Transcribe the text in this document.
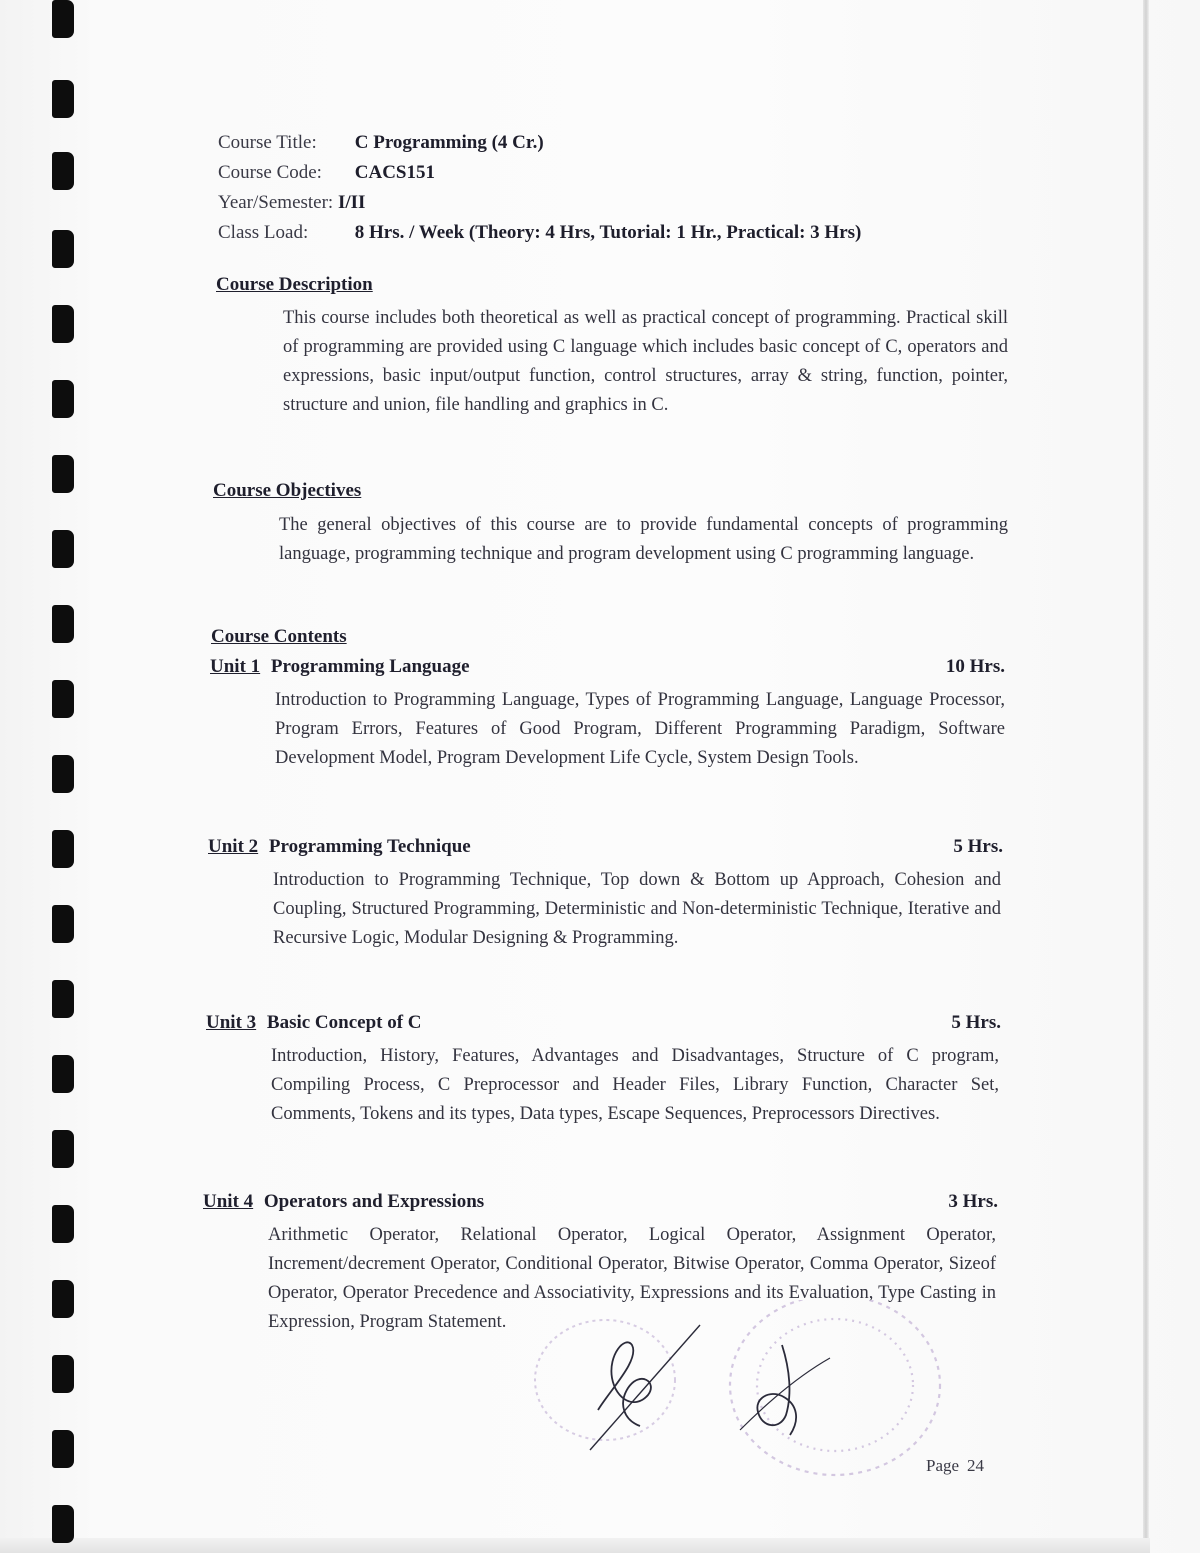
Course Title: C Programming (4 Cr.)
Course Code: CACS151
Year/Semester: I/II
Class Load: 8 Hrs. / Week (Theory: 4 Hrs, Tutorial: 1 Hr., Practical: 3 Hrs)
Course Description
This course includes both theoretical as well as practical concept of programming. Practical skill of programming are provided using C language which includes basic concept of C, operators and expressions, basic input/output function, control structures, array & string, function, pointer, structure and union, file handling and graphics in C.
Course Objectives
The general objectives of this course are to provide fundamental concepts of programming language, programming technique and program development using C programming language.
Course Contents
Unit 1 Programming Language	10 Hrs.
Introduction to Programming Language, Types of Programming Language, Language Processor, Program Errors, Features of Good Program, Different Programming Paradigm, Software Development Model, Program Development Life Cycle, System Design Tools.
Unit 2 Programming Technique	5 Hrs.
Introduction to Programming Technique, Top down & Bottom up Approach, Cohesion and Coupling, Structured Programming, Deterministic and Non-deterministic Technique, Iterative and Recursive Logic, Modular Designing & Programming.
Unit 3 Basic Concept of C	5 Hrs.
Introduction, History, Features, Advantages and Disadvantages, Structure of C program, Compiling Process, C Preprocessor and Header Files, Library Function, Character Set, Comments, Tokens and its types, Data types, Escape Sequences, Preprocessors Directives.
Unit 4 Operators and Expressions	3 Hrs.
Arithmetic Operator, Relational Operator, Logical Operator, Assignment Operator, Increment/decrement Operator, Conditional Operator, Bitwise Operator, Comma Operator, Sizeof Operator, Operator Precedence and Associativity, Expressions and its Evaluation, Type Casting in Expression, Program Statement.
Page 24
